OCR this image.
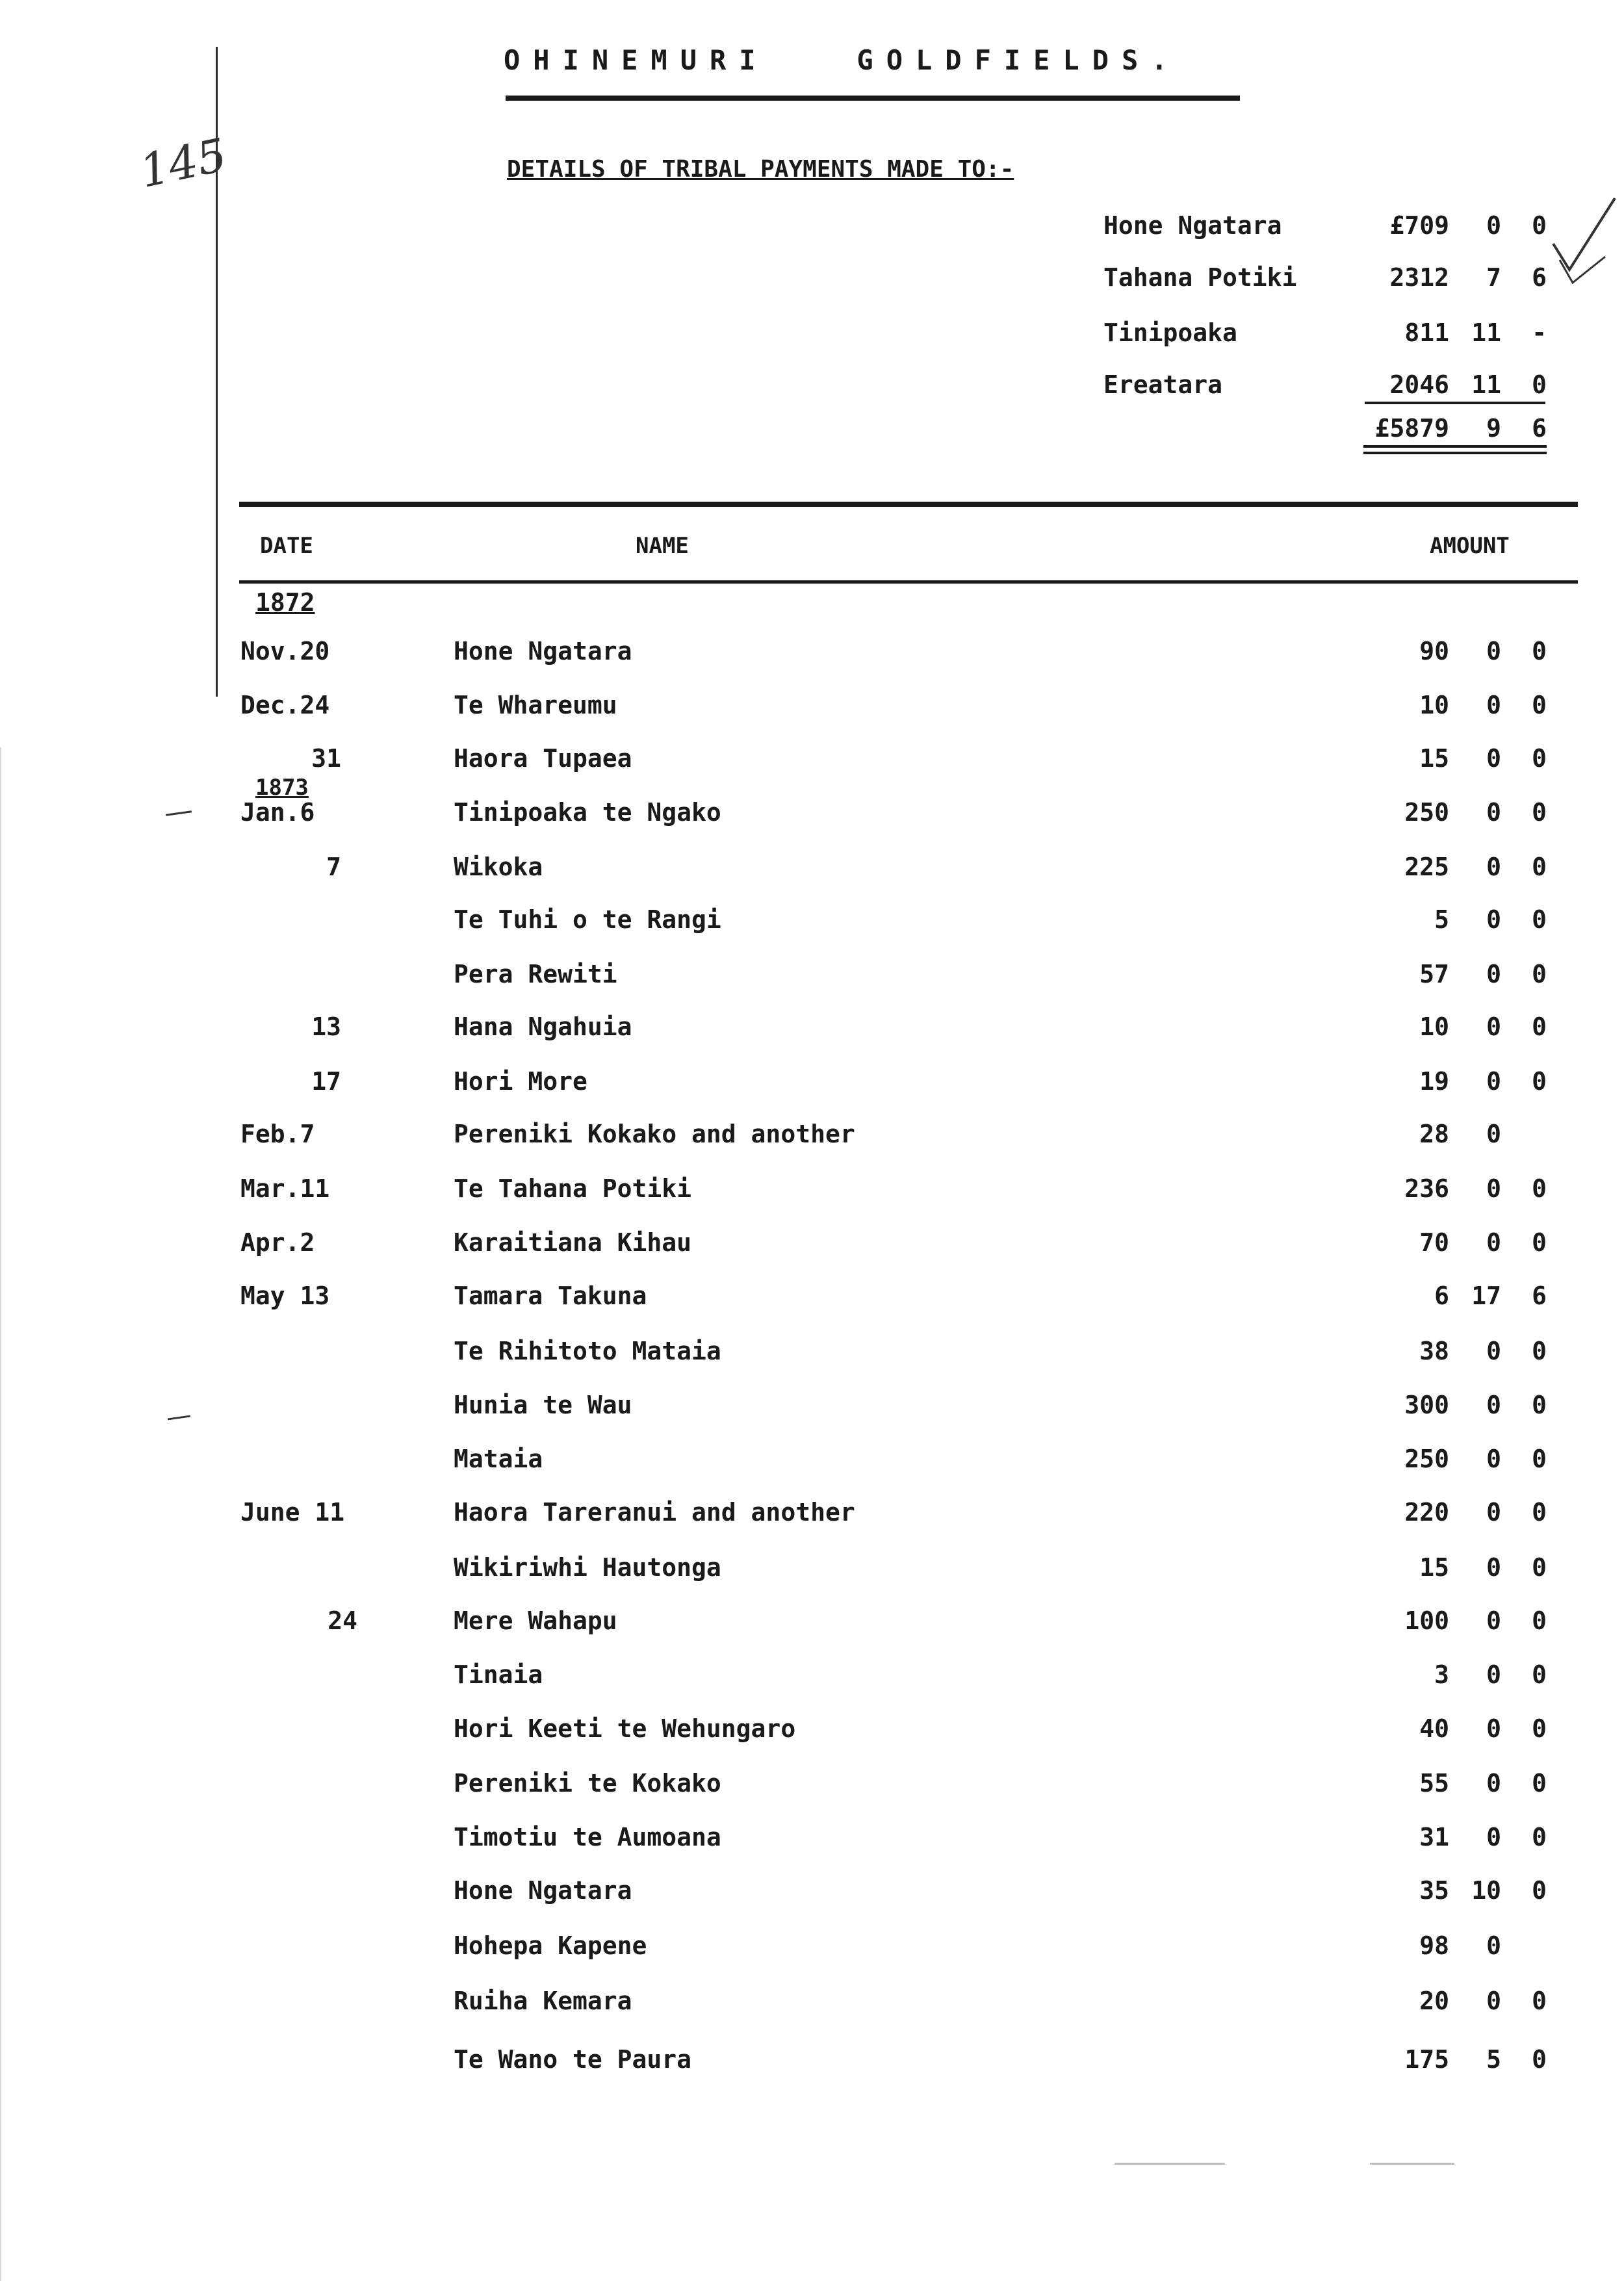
145
OHINEMURI   GOLDFIELDS.
DETAILS OF TRIBAL PAYMENTS MADE TO:-
Hone Ngatara	£709 0 0
Tahana Potiki	2312 7 6
Tinipoaka	811 11 -
Ereatara	2046 11 0
£5879 9 6
DATE	NAME	AMOUNT
1872
1873
Nov.20	Hone Ngatara	90 0 0
Dec.24	Te Whareumu	10 0 0
31	Haora Tupaea	15 0 0
Jan.6	Tinipoaka te Ngako	250 0 0
7	Wikoka	225 0 0
Te Tuhi o te Rangi	5 0 0
Pera Rewiti	57 0 0
13	Hana Ngahuia	10 0 0
17	Hori More	19 0 0
Feb.7	Pereniki Kokako and another	28 0
Mar.11	Te Tahana Potiki	236 0 0
Apr.2	Karaitiana Kihau	70 0 0
May 13	Tamara Takuna	6 17 6
Te Rihitoto Mataia	38 0 0
Hunia te Wau	300 0 0
Mataia	250 0 0
June 11	Haora Tareranui and another	220 0 0
Wikiriwhi Hautonga	15 0 0
24	Mere Wahapu	100 0 0
Tinaia	3 0 0
Hori Keeti te Wehungaro	40 0 0
Pereniki te Kokako	55 0 0
Timotiu te Aumoana	31 0 0
Hone Ngatara	35 10 0
Hohepa Kapene	98 0
Ruiha Kemara	20 0 0
Te Wano te Paura	175 5 0
